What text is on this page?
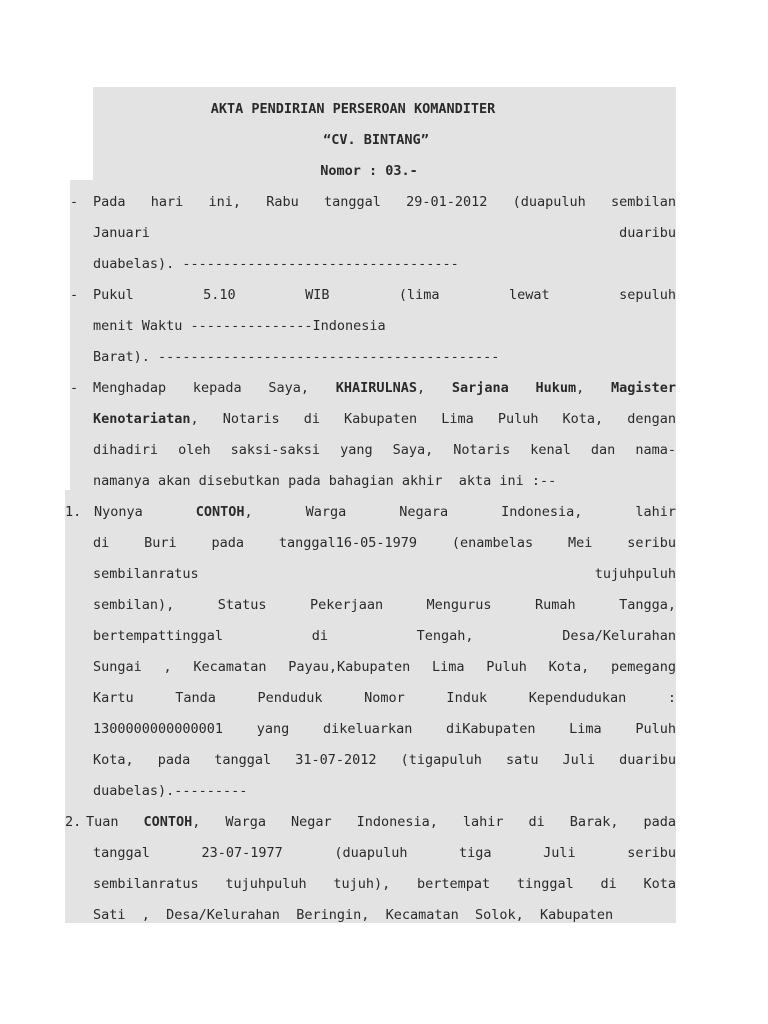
AKTA PENDIRIAN PERSEROAN KOMANDITER
“CV. BINTANG”
Nomor : 03.-
- Pada hari ini, Rabu tanggal 29-01-2012 (duapuluh sembilan
Januari duaribu
duabelas). ----------------------------------
- Pukul 5.10 WIB (lima lewat sepuluh
menit Waktu ---------------Indonesia
Barat). ------------------------------------------
- Menghadap kepada Saya, KHAIRULNAS, Sarjana Hukum, Magister
Kenotariatan, Notaris di Kabupaten Lima Puluh Kota, dengan
dihadiri oleh saksi-saksi yang Saya, Notaris kenal dan nama-
namanya akan disebutkan pada bahagian akhir  akta ini :--
1. Nyonya CONTOH, Warga Negara Indonesia, lahir
di Buri pada tanggal16-05-1979 (enambelas Mei seribu
sembilanratus tujuhpuluh
sembilan), Status Pekerjaan Mengurus Rumah Tangga,
bertempattinggal di Tengah, Desa/Kelurahan
Sungai , Kecamatan Payau,Kabupaten Lima Puluh Kota, pemegang
Kartu Tanda Penduduk Nomor Induk Kependudukan :
1300000000000001 yang dikeluarkan diKabupaten Lima Puluh
Kota, pada tanggal 31-07-2012 (tigapuluh satu Juli duaribu
duabelas).---------
2. Tuan CONTOH, Warga Negar Indonesia, lahir di Barak, pada
tanggal 23-07-1977 (duapuluh tiga Juli seribu
sembilanratus tujuhpuluh tujuh), bertempat tinggal di Kota
Sati  ,  Desa/Kelurahan  Beringin,  Kecamatan  Solok,  Kabupaten
